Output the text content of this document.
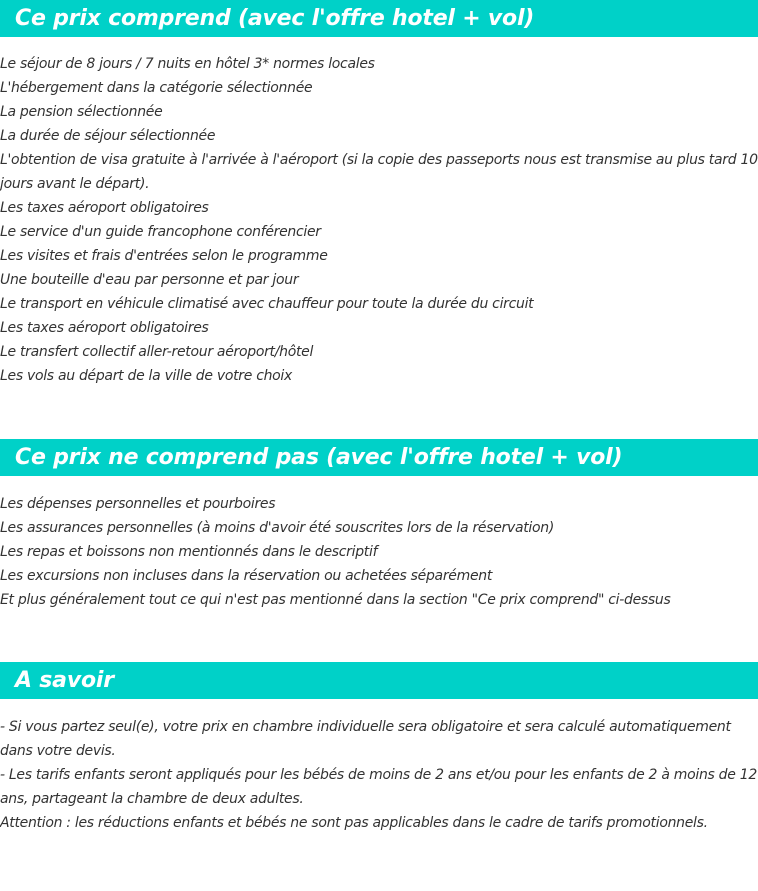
Ce prix comprend (avec l'offre hotel + vol)
Le séjour de 8 jours / 7 nuits en hôtel 3* normes locales
L'hébergement dans la catégorie sélectionnée
La pension sélectionnée
La durée de séjour sélectionnée
L'obtention de visa gratuite à l'arrivée à l'aéroport (si la copie des passeports nous est transmise au plus tard 10 jours avant le départ).
Les taxes aéroport obligatoires
Le service d'un guide francophone conférencier
Les visites et frais d'entrées selon le programme
Une bouteille d'eau par personne et par jour
Le transport en véhicule climatisé avec chauffeur pour toute la durée du circuit
Les taxes aéroport obligatoires
Le transfert collectif aller-retour aéroport/hôtel
Les vols au départ de la ville de votre choix
Ce prix ne comprend pas (avec l'offre hotel + vol)
Les dépenses personnelles et pourboires
Les assurances personnelles (à moins d'avoir été souscrites lors de la réservation)
Les repas et boissons non mentionnés dans le descriptif
Les excursions non incluses dans la réservation ou achetées séparément
Et plus généralement tout ce qui n'est pas mentionné dans la section "Ce prix comprend" ci-dessus
A savoir
- Si vous partez seul(e), votre prix en chambre individuelle sera obligatoire et sera calculé automatiquement dans votre devis.
- Les tarifs enfants seront appliqués pour les bébés de moins de 2 ans et/ou pour les enfants de 2 à moins de 12 ans, partageant la chambre de deux adultes.
Attention : les réductions enfants et bébés ne sont pas applicables dans le cadre de tarifs promotionnels.
